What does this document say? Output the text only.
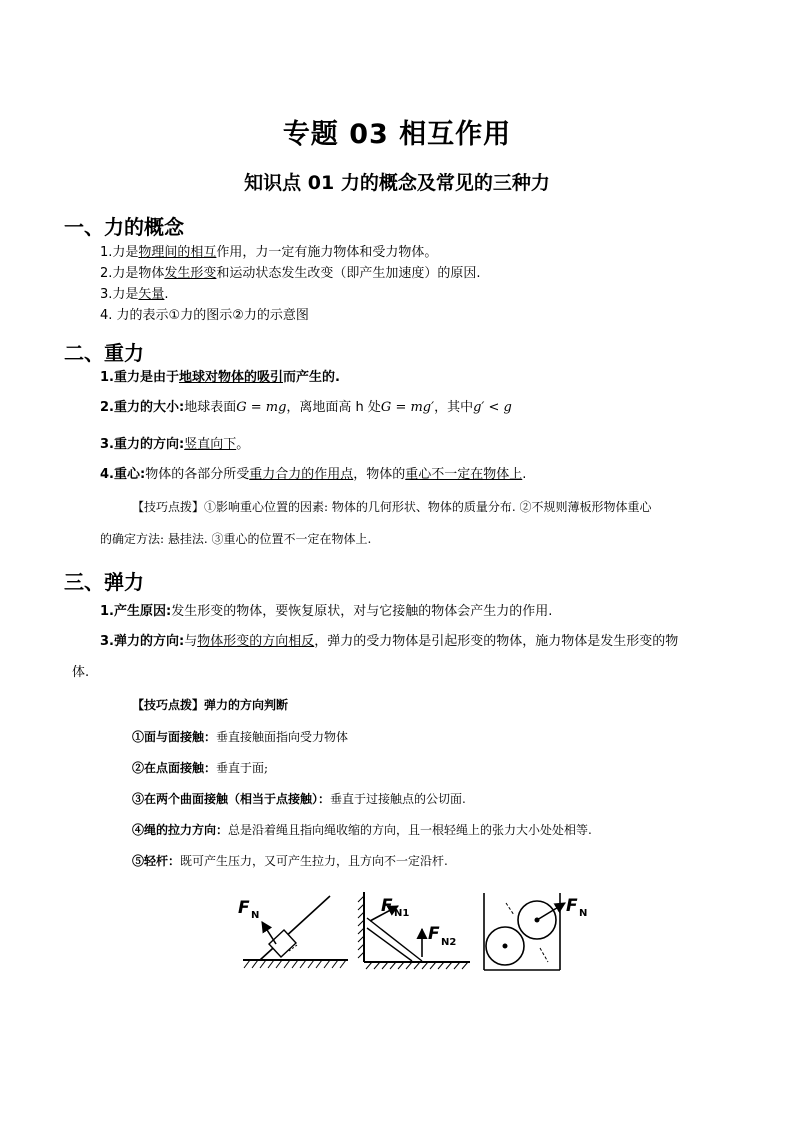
专题 03 相互作用
知识点 01 力的概念及常见的三种力
一、力的概念
1.力是物理间的相互作用，力一定有施力物体和受力物体。
2.力是物体发生形变和运动状态发生改变（即产生加速度）的原因.
3.力是矢量.
4. 力的表示①力的图示②力的示意图
二、重力
1.重力是由于地球对物体的吸引而产生的.
2.重力的大小:地球表面G = mg，离地面高 h 处G = mg′，其中g′ < g
3.重力的方向:竖直向下。
4.重心:物体的各部分所受重力合力的作用点，物体的重心不一定在物体上.
【技巧点拨】①影响重心位置的因素: 物体的几何形状、物体的质量分布. ②不规则薄板形物体重心
的确定方法: 悬挂法. ③重心的位置不一定在物体上.
三、弹力
1.产生原因:发生形变的物体，要恢复原状，对与它接触的物体会产生力的作用.
3.弹力的方向:与物体形变的方向相反，弹力的受力物体是引起形变的物体，施力物体是发生形变的物
体.
【技巧点拨】弹力的方向判断
①面与面接触：垂直接触面指向受力物体
②在点面接触：垂直于面;
③在两个曲面接触（相当于点接触）：垂直于过接触点的公切面.
④绳的拉力方向：总是沿着绳且指向绳收缩的方向，且一根轻绳上的张力大小处处相等.
⑤轻杆：既可产生压力，又可产生拉力，且方向不一定沿杆.
F N	F N1
F N2
F N
